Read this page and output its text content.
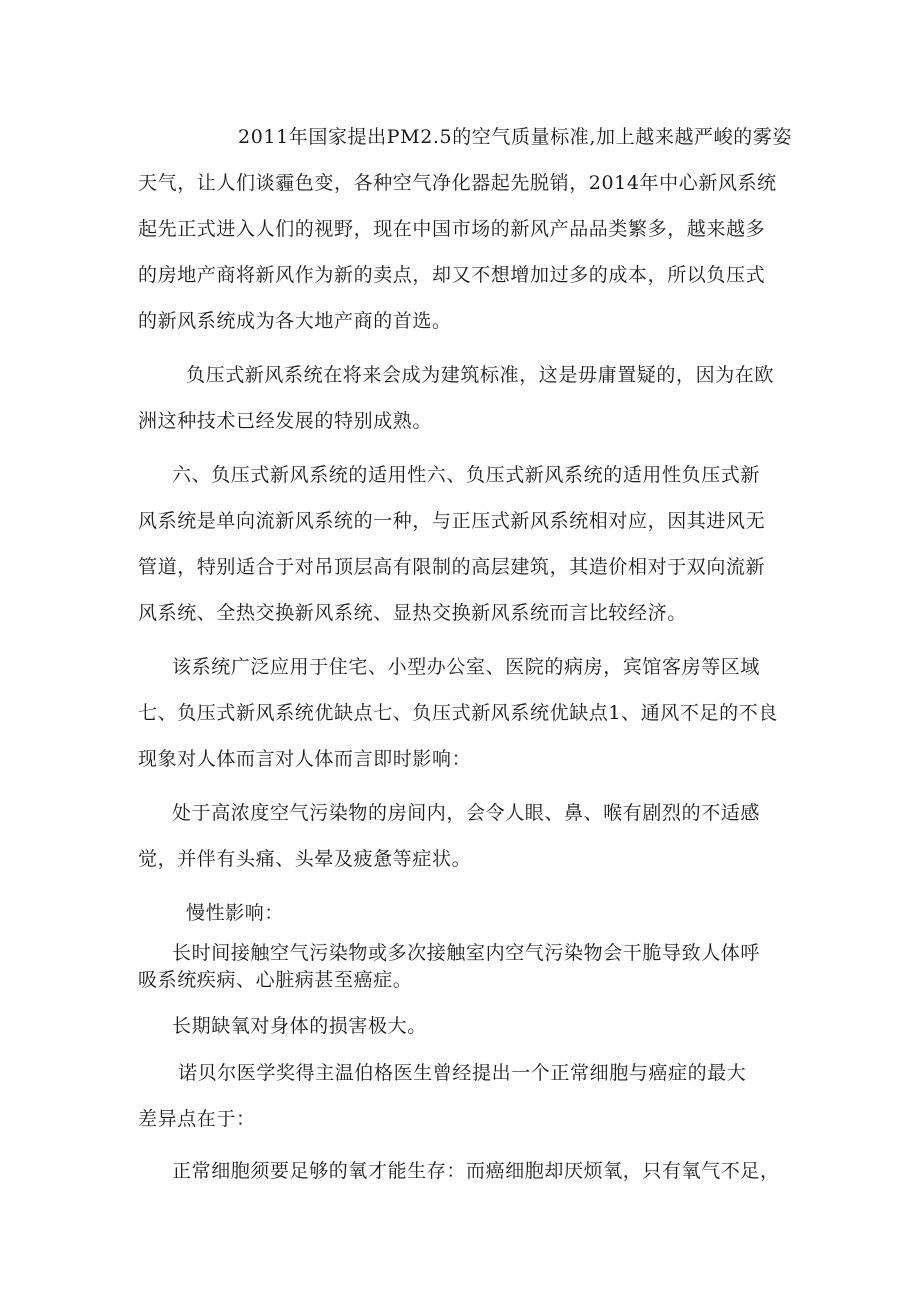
2011年国家提出PM2.5的空气质量标准,加上越来越严峻的雾姿
天气，让人们谈霾色变，各种空气净化器起先脱销，2014年中心新风系统
起先正式进入人们的视野，现在中国市场的新风产品品类繁多，越来越多
的房地产商将新风作为新的卖点，却又不想增加过多的成本，所以负压式
的新风系统成为各大地产商的首选。
负压式新风系统在将来会成为建筑标准，这是毋庸置疑的，因为在欧
洲这种技术已经发展的特别成熟。
六、负压式新风系统的适用性六、负压式新风系统的适用性负压式新
风系统是单向流新风系统的一种，与正压式新风系统相对应，因其进风无
管道，特别适合于对吊顶层高有限制的高层建筑，其造价相对于双向流新
风系统、全热交换新风系统、显热交换新风系统而言比较经济。
该系统广泛应用于住宅、小型办公室、医院的病房，宾馆客房等区域
七、负压式新风系统优缺点七、负压式新风系统优缺点1、通风不足的不良
现象对人体而言对人体而言即时影响：
处于高浓度空气污染物的房间内，会令人眼、鼻、喉有剧烈的不适感
觉，并伴有头痛、头晕及疲惫等症状。
慢性影响：
长时间接触空气污染物或多次接触室内空气污染物会干脆导致人体呼
吸系统疾病、心脏病甚至癌症。
长期缺氧对身体的损害极大。
诺贝尔医学奖得主温伯格医生曾经提出一个正常细胞与癌症的最大
差异点在于：
正常细胞须要足够的氧才能生存：而癌细胞却厌烦氧，只有氧气不足，
